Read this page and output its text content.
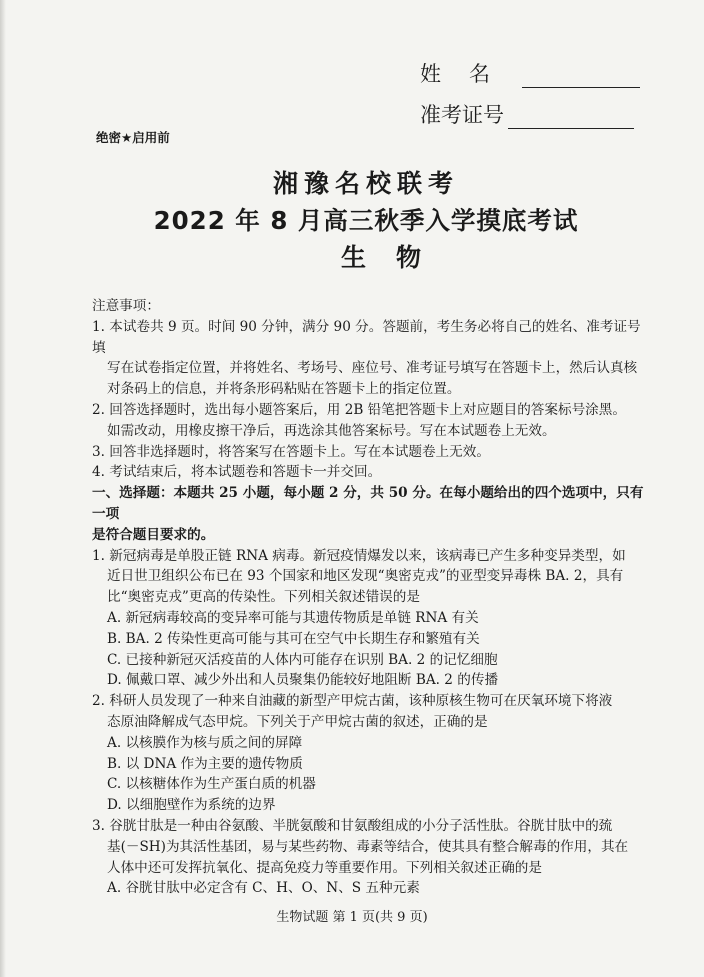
姓名
准考证号
绝密★启用前
湘豫名校联考
2022 年 8 月高三秋季入学摸底考试
生物

注意事项：

1. 本试卷共 9 页。时间 90 分钟，满分 90 分。答题前，考生务必将自己的姓名、准考证号填

写在试卷指定位置，并将姓名、考场号、座位号、准考证号填写在答题卡上，然后认真核

对条码上的信息，并将条形码粘贴在答题卡上的指定位置。

2. 回答选择题时，选出每小题答案后，用 2B 铅笔把答题卡上对应题目的答案标号涂黑。

如需改动，用橡皮擦干净后，再选涂其他答案标号。写在本试题卷上无效。

3. 回答非选择题时，将答案写在答题卡上。写在本试题卷上无效。

4. 考试结束后，将本试题卷和答题卡一并交回。

一、选择题：本题共 25 小题，每小题 2 分，共 50 分。在每小题给出的四个选项中，只有一项

是符合题目要求的。

1. 新冠病毒是单股正链 RNA 病毒。新冠疫情爆发以来，该病毒已产生多种变异类型，如

近日世卫组织公布已在 93 个国家和地区发现“奥密克戎”的亚型变异毒株 BA. 2，具有

比“奥密克戎”更高的传染性。下列相关叙述错误的是

A. 新冠病毒较高的变异率可能与其遗传物质是单链 RNA 有关

B. BA. 2 传染性更高可能与其可在空气中长期生存和繁殖有关

C. 已接种新冠灭活疫苗的人体内可能存在识别 BA. 2 的记忆细胞

D. 佩戴口罩、减少外出和人员聚集仍能较好地阻断 BA. 2 的传播

2. 科研人员发现了一种来自油藏的新型产甲烷古菌，该种原核生物可在厌氧环境下将液

态原油降解成气态甲烷。下列关于产甲烷古菌的叙述，正确的是

A. 以核膜作为核与质之间的屏障

B. 以 DNA 作为主要的遗传物质

C. 以核糖体作为生产蛋白质的机器

D. 以细胞壁作为系统的边界

3. 谷胱甘肽是一种由谷氨酸、半胱氨酸和甘氨酸组成的小分子活性肽。谷胱甘肽中的巯

基(－SH)为其活性基团，易与某些药物、毒素等结合，使其具有整合解毒的作用，其在

人体中还可发挥抗氧化、提高免疫力等重要作用。下列相关叙述正确的是

A. 谷胱甘肽中必定含有 C、H、O、N、S 五种元素

生物试题 第 1 页(共 9 页)
